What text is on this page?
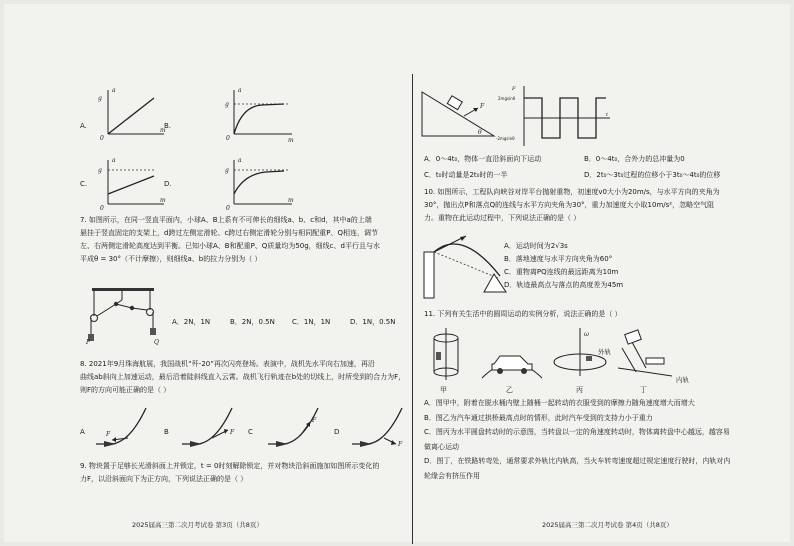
A.
a
m
0
g
B.
a
m
0
g
C.
a
m
0
g
D.
a
m
0
g
7. 如图所示，在同一竖直平面内，小球A、B上系有不可伸长的细线a、b、c和d，其中a的上端
悬挂于竖直固定的支架上，d跨过左侧定滑轮、c跨过右侧定滑轮分别与相同配重P、Q相连，调节
左、右两侧定滑轮高度达到平衡。已知小球A、B和配重P、Q质量均为50g，细线c、d平行且与水
平成θ = 30°（不计摩擦），则细线a、b的拉力分别为（ ）
P	Q
A．2N，1N	B．2N，0.5N C．1N，1N	D．1N，0.5N
8. 2021年9月珠海航展，我国战机“歼-20”再次闪亮登场。表演中，战机先水平向右加速，再沿
曲线ab斜向上加速运动，最后沿着陡斜线直入云霄。战机飞行轨迹在b处的切线上，时所受到的合力为F，
则F的方向可能正确的是（ ）
A	F	B	F C
F
D
F
9. 物块置于足够长光滑斜面上并锁定，t = 0时刻解除锁定，并对物块沿斜面施加如图所示变化的
力F，以沿斜面向下为正方向，下列说法正确的是（ ）
2025届高三第二次月考试卷 第3页（共8页）
F
θ
F
t
2mgsinθ
-2mgsinθ
A．0～4t₀，物体一直沿斜面向下运动	B．0～4t₀，合外力的总冲量为0
C．t₀时动量是2t₀时的一半	D．2t₀～3t₀过程的位移小于3t₀～4t₀的位移
10. 如图所示，工程队向峡谷对岸平台抛射重物，初速度v0大小为20m/s，与水平方向的夹角为
30°，抛出点P和落点Q的连线与水平方向夹角为30°，重力加速度大小取10m/s²，忽略空气阻
力。重物在此运动过程中，下列说法正确的是（ ）
A．运动时间为2√3s
B．落地速度与水平方向夹角为60°
C．重物离PQ连线的最远距离为10m
D．轨迹最高点与落点的高度差为45m
11. 下列有关生活中的圆周运动的实例分析，说法正确的是（ ）
甲	乙
ω
丙
外轨
内轨
丁
A．图甲中，附着在脱水桶内壁上随桶一起转动的衣服受到的摩擦力随角速度增大而增大
B．图乙为汽车通过拱桥最高点时的情形，此时汽车受到的支持力小于重力
C．图丙为水平圆盘转动时的示意图，当转盘以一定的角速度转动时，物体离转盘中心越远，越容易
做离心运动
D．图丁，在铁路转弯处，通常要求外轨比内轨高，当火车转弯速度超过规定速度行驶时，内轨对内
轮缘会有挤压作用
2025届高三第二次月考试卷 第4页（共8页）
